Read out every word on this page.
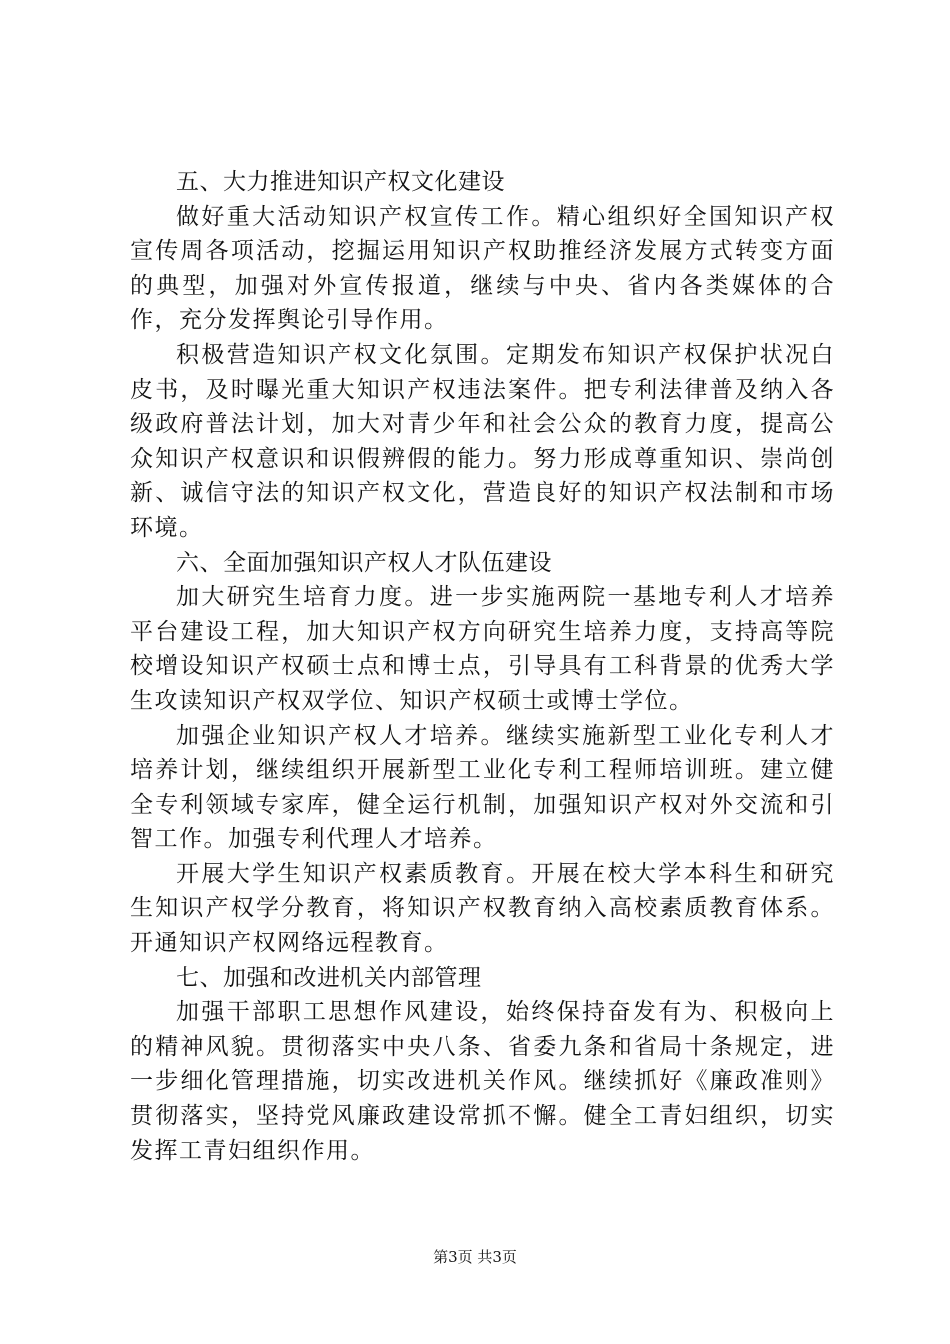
五、大力推进知识产权文化建设

做好重大活动知识产权宣传工作。精心组织好全国知识产权宣传周各项活动，挖掘运用知识产权助推经济发展方式转变方面的典型，加强对外宣传报道，继续与中央、省内各类媒体的合作，充分发挥舆论引导作用。

积极营造知识产权文化氛围。定期发布知识产权保护状况白皮书，及时曝光重大知识产权违法案件。把专利法律普及纳入各级政府普法计划，加大对青少年和社会公众的教育力度，提高公众知识产权意识和识假辨假的能力。努力形成尊重知识、崇尚创新、诚信守法的知识产权文化，营造良好的知识产权法制和市场环境。

六、全面加强知识产权人才队伍建设

加大研究生培育力度。进一步实施两院一基地专利人才培养平台建设工程，加大知识产权方向研究生培养力度，支持高等院校增设知识产权硕士点和博士点，引导具有工科背景的优秀大学生攻读知识产权双学位、知识产权硕士或博士学位。

加强企业知识产权人才培养。继续实施新型工业化专利人才培养计划，继续组织开展新型工业化专利工程师培训班。建立健全专利领域专家库，健全运行机制，加强知识产权对外交流和引智工作。加强专利代理人才培养。

开展大学生知识产权素质教育。开展在校大学本科生和研究生知识产权学分教育，将知识产权教育纳入高校素质教育体系。开通知识产权网络远程教育。

七、加强和改进机关内部管理

加强干部职工思想作风建设，始终保持奋发有为、积极向上的精神风貌。贯彻落实中央八条、省委九条和省局十条规定，进一步细化管理措施，切实改进机关作风。继续抓好《廉政准则》贯彻落实，坚持党风廉政建设常抓不懈。健全工青妇组织，切实发挥工青妇组织作用。

第3页 共3页
